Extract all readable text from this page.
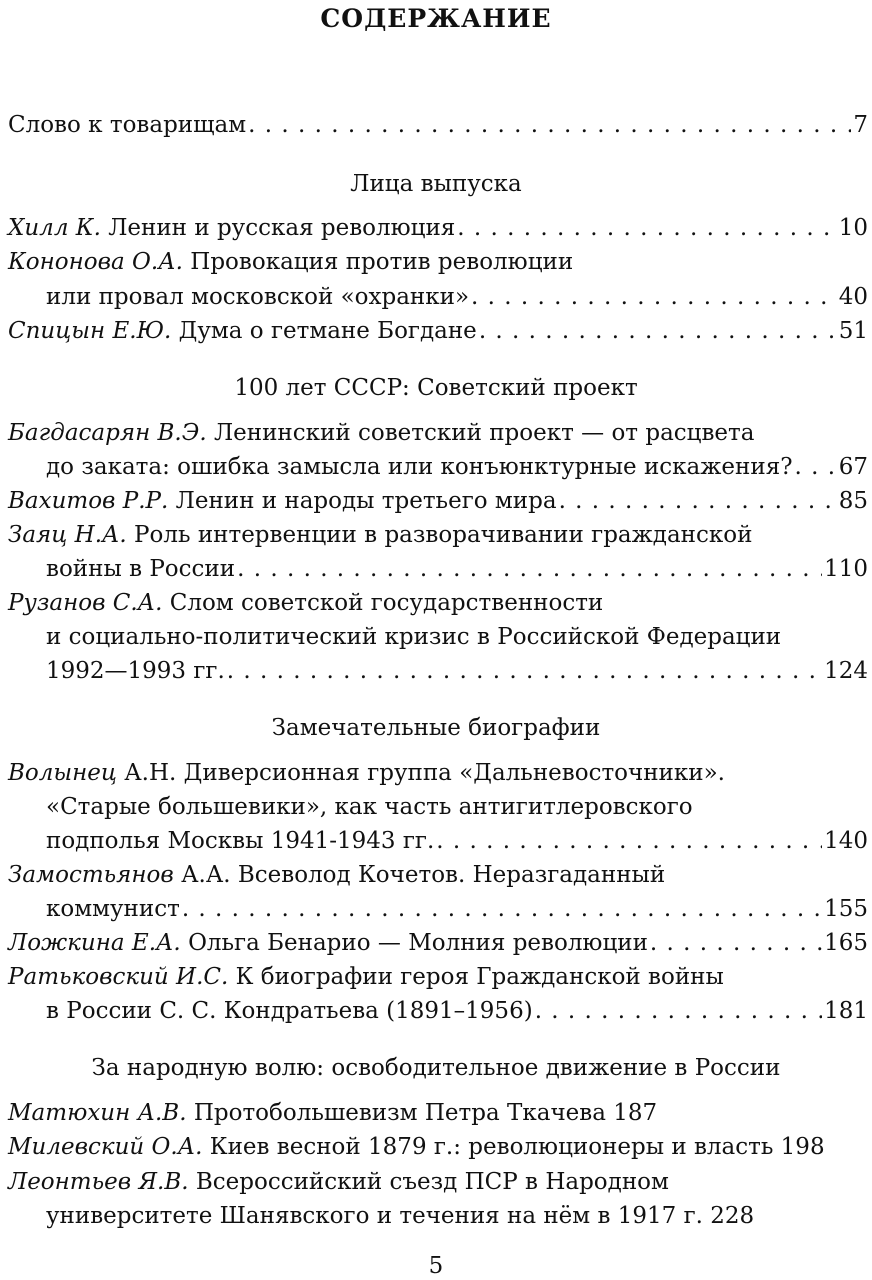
СОДЕРЖАНИЕ
Слово к товарищам . . .	7
Лица выпуска
Хилл К. Ленин и русская революция . . .	10
Кононова О.А. Провокация против революции
или провал московской «охранки» . . .	40
Спицын Е.Ю. Дума о гетмане Богдане . . .	51
100 лет СССР: Советский проект
Багдасарян В.Э. Ленинский советский проект — от расцвета
до заката: ошибка замысла или конъюнктурные искажения? . . . 67
Вахитов Р.Р. Ленин и народы третьего мира . . .	85
Заяц Н.А. Роль интервенции в разворачивании гражданской
войны в России . . .	110
Рузанов С.А. Слом советской государственности
и социально-политический кризис в Российской Федерации
1992—1993 гг. . . .	124
Замечательные биографии
Волынец А.Н. Диверсионная группа «Дальневосточники».
«Старые большевики», как часть антигитлеровского
подполья Москвы 1941-1943 гг. . . .	140
Замостьянов А.А. Всеволод Кочетов. Неразгаданный
коммунист . . .	155
Ложкина Е.А. Ольга Бенарио — Молния революции . . .	165
Ратьковский И.С. К биографии героя Гражданской войны
в России С. С. Кондратьева (1891–1956) . . .	181
За народную волю: освободительное движение в России
Матюхин А.В. Протобольшевизм Петра Ткачева 187
Милевский О.А. Киев весной 1879 г.: революционеры и власть 198
Леонтьев Я.В. Всероссийский съезд ПСР в Народном
университете Шанявского и течения на нём в 1917 г. 228
5
